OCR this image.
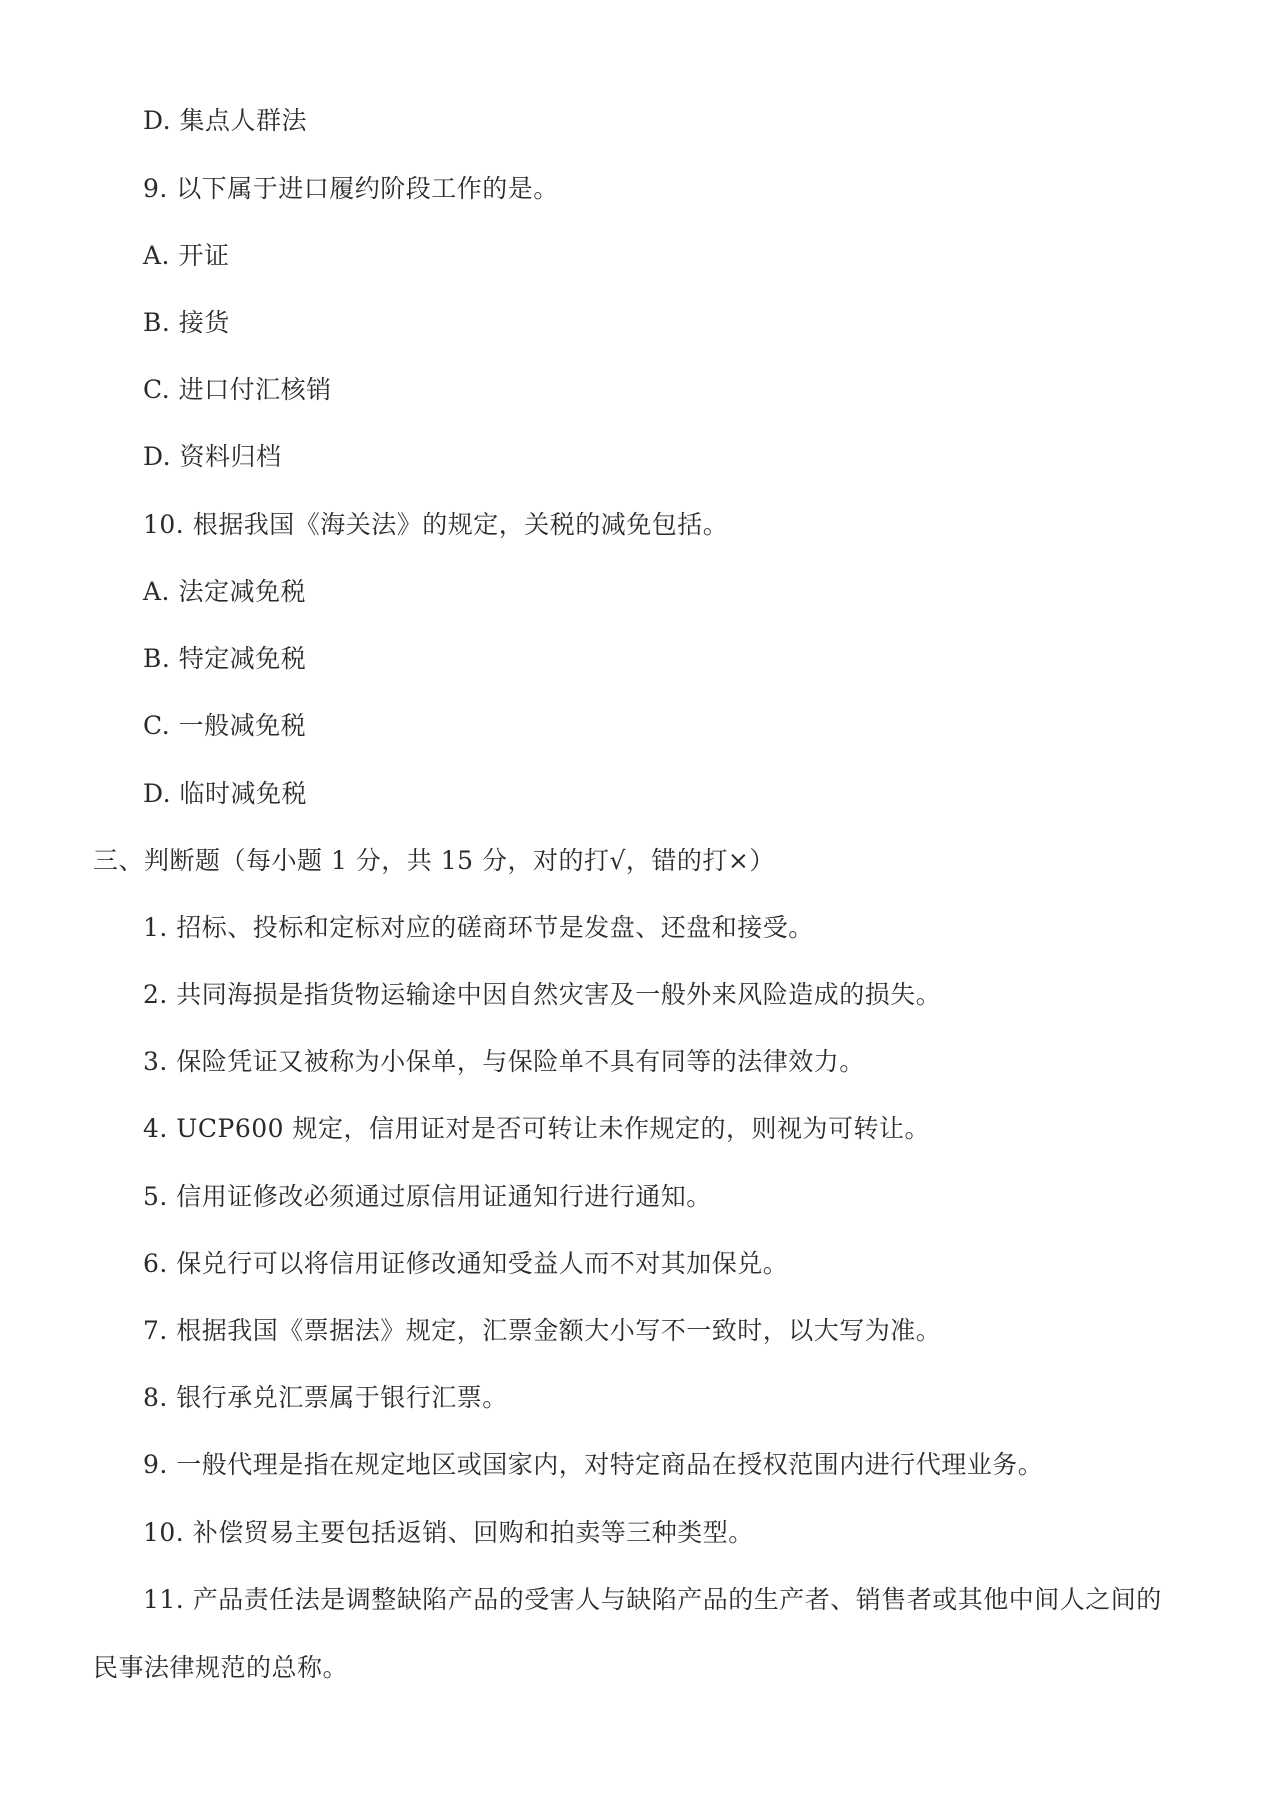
D. 集点人群法
9. 以下属于进口履约阶段工作的是。
A. 开证
B. 接货
C. 进口付汇核销
D. 资料归档
10. 根据我国《海关法》的规定，关税的减免包括。
A. 法定减免税
B. 特定减免税
C. 一般减免税
D. 临时减免税
三、判断题（每小题 1 分，共 15 分，对的打√，错的打×）
1. 招标、投标和定标对应的磋商环节是发盘、还盘和接受。
2. 共同海损是指货物运输途中因自然灾害及一般外来风险造成的损失。
3. 保险凭证又被称为小保单，与保险单不具有同等的法律效力。
4. UCP600 规定，信用证对是否可转让未作规定的，则视为可转让。
5. 信用证修改必须通过原信用证通知行进行通知。
6. 保兑行可以将信用证修改通知受益人而不对其加保兑。
7. 根据我国《票据法》规定，汇票金额大小写不一致时，以大写为准。
8. 银行承兑汇票属于银行汇票。
9. 一般代理是指在规定地区或国家内，对特定商品在授权范围内进行代理业务。
10. 补偿贸易主要包括返销、回购和拍卖等三种类型。
11. 产品责任法是调整缺陷产品的受害人与缺陷产品的生产者、销售者或其他中间人之间的
民事法律规范的总称。
